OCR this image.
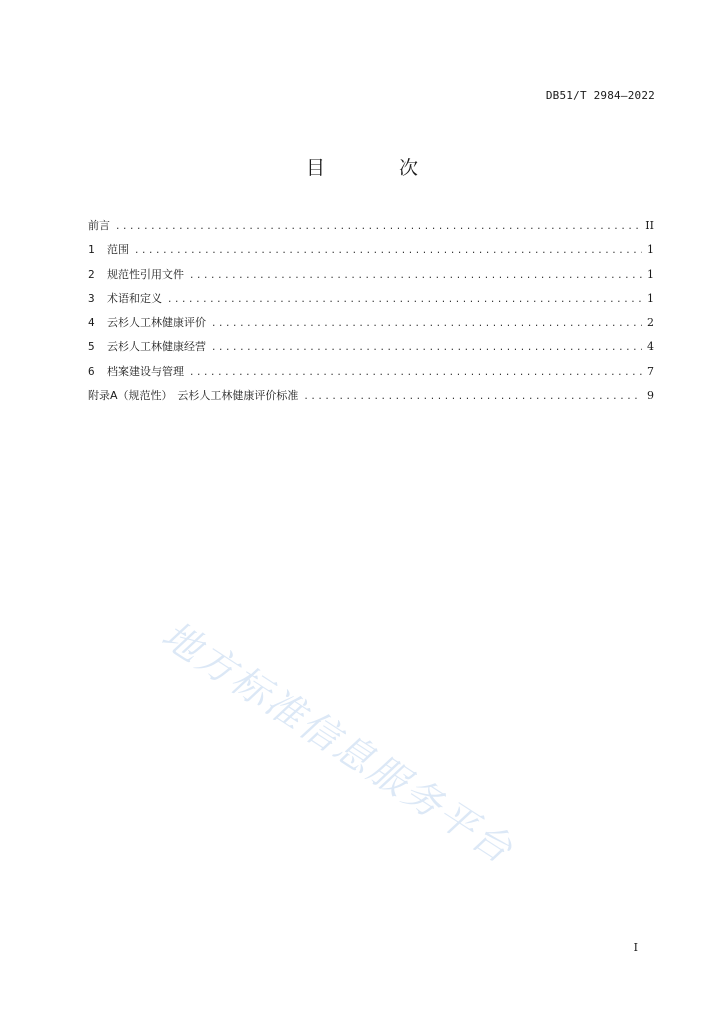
DB51/T 2984—2022
目 次
前言 .....	II
1	范围 .....	1
2	规范性引用文件 .....	1
3	术语和定义 .....	1
4	云杉人工林健康评价 .....	2
5	云杉人工林健康经营 .....	4
6	档案建设与管理 .....	7
附录A（规范性） 云杉人工林健康评价标准 .....	9
地方标准信息服务平台
I
